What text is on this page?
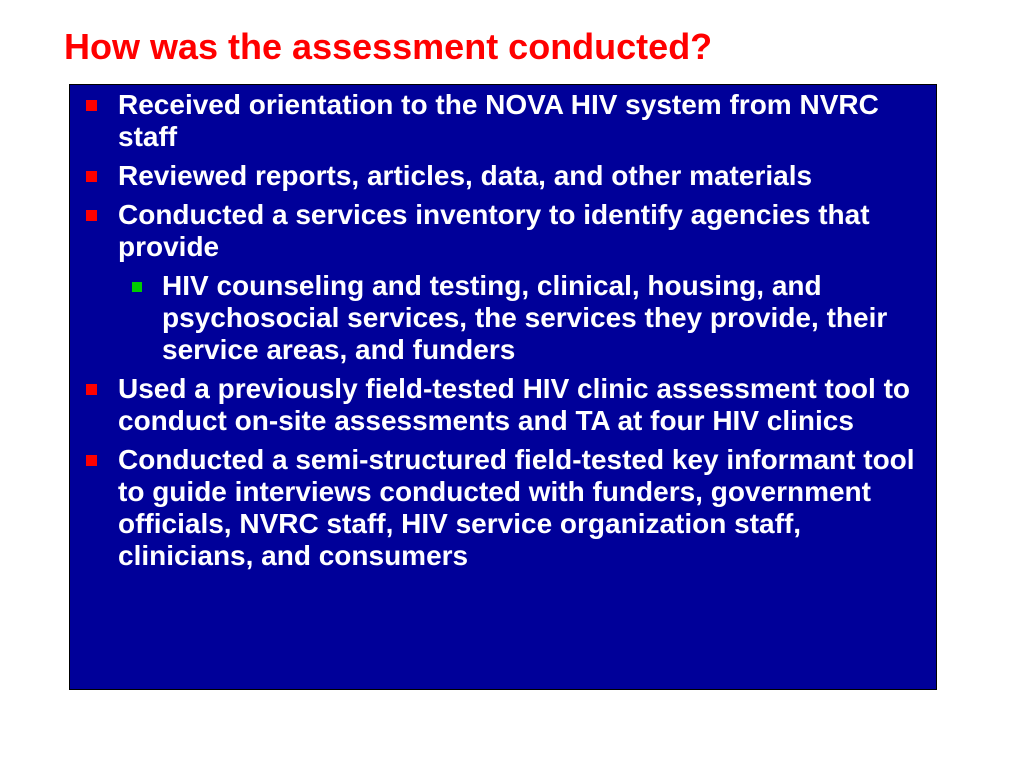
How was the assessment conducted?
Received orientation to the NOVA HIV system from NVRC staff
Reviewed reports, articles, data, and other materials
Conducted a services inventory to identify agencies that provide
HIV counseling and testing, clinical, housing, and psychosocial services, the services they provide, their service areas, and funders
Used a previously field-tested HIV clinic assessment tool to conduct on-site assessments and TA at four HIV clinics
Conducted a semi-structured field-tested key informant tool to guide interviews conducted with funders, government officials, NVRC staff, HIV service organization staff, clinicians, and consumers
